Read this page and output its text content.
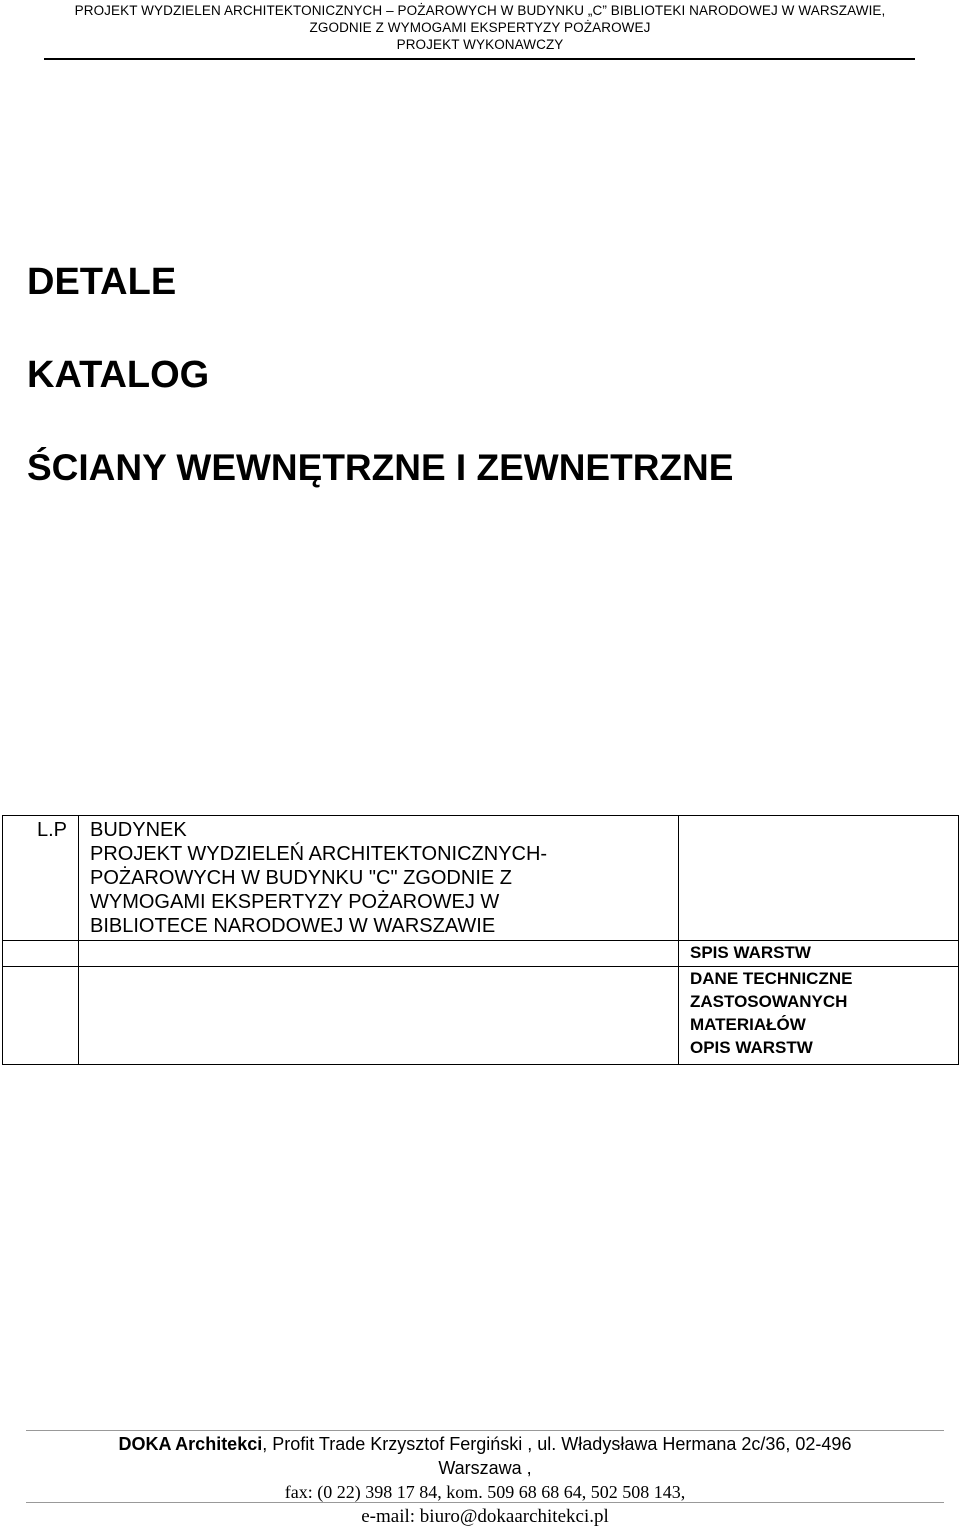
PROJEKT WYDZIELEN ARCHITEKTONICZNYCH – POŻAROWYCH W BUDYNKU „C” BIBLIOTEKI NARODOWEJ W WARSZAWIE,
ZGODNIE Z WYMOGAMI EKSPERTYZY POŻAROWEJ
PROJEKT WYKONAWCZY
DETALE
KATALOG
ŚCIANY WEWNĘTRZNE I ZEWNETRZNE
L.P	BUDYNEK
PROJEKT WYDZIELEŃ ARCHITEKTONICZNYCH-
POŻAROWYCH W BUDYNKU "C" ZGODNIE Z
WYMOGAMI EKSPERTYZY POŻAROWEJ W
BIBLIOTECE NARODOWEJ W WARSZAWIE	

		SPIS WARSTW

		DANE TECHNICZNE
ZASTOSOWANYCH
MATERIAŁÓW
OPIS WARSTW
DOKA Architekci, Profit Trade Krzysztof Fergiński , ul. Władysława Hermana 2c/36, 02-496
Warszawa ,
fax: (0 22) 398 17 84, kom. 509 68 68 64, 502 508 143,
e-mail: biuro@dokaarchitekci.pl
